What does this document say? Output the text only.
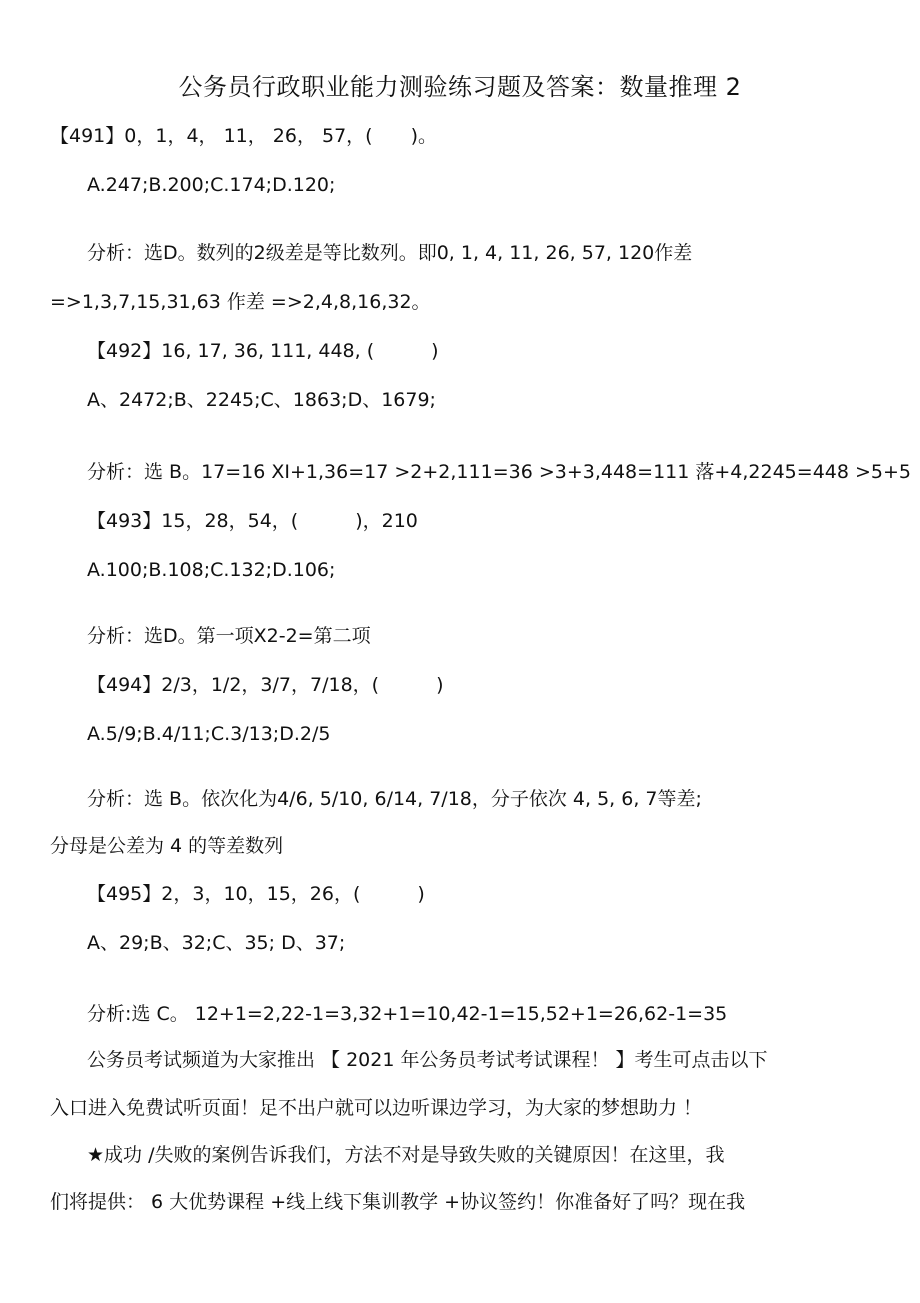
公务员行政职业能力测验练习题及答案：数量推理 2
【491】0，1，4， 11， 26， 57，(　　)。
A.247;B.200;C.174;D.120;
分析：选D。数列的2级差是等比数列。即0, 1, 4, 11, 26, 57, 120作差
=>1,3,7,15,31,63 作差 =>2,4,8,16,32。
【492】16, 17, 36, 111, 448, (　　　)
A、2472;B、2245;C、1863;D、1679;
分析：选 B。17=16 XI+1,36=17 >2+2,111=36 >3+3,448=111 落+4,2245=448 >5+5
【493】15，28，54，(　　　)，210
A.100;B.108;C.132;D.106;
分析：选D。第一项X2-2=第二项
【494】2/3，1/2，3/7，7/18，(　　　)
A.5/9;B.4/11;C.3/13;D.2/5
分析：选 B。依次化为4/6, 5/10, 6/14, 7/18，分子依次 4, 5, 6, 7等差;
分母是公差为 4 的等差数列
【495】2，3，10，15，26，(　　　)
A、29;B、32;C、35; D、37;
分析:选 C。 12+1=2,22-1=3,32+1=10,42-1=15,52+1=26,62-1=35
公务员考试频道为大家推出 【 2021 年公务员考试考试课程！ 】考生可点击以下
入口进入免费试听页面！足不出户就可以边听课边学习，为大家的梦想助力 ！
★成功 /失败的案例告诉我们，方法不对是导致失败的关键原因！在这里，我
们将提供： 6 大优势课程 +线上线下集训教学 +协议签约！你准备好了吗？现在我
